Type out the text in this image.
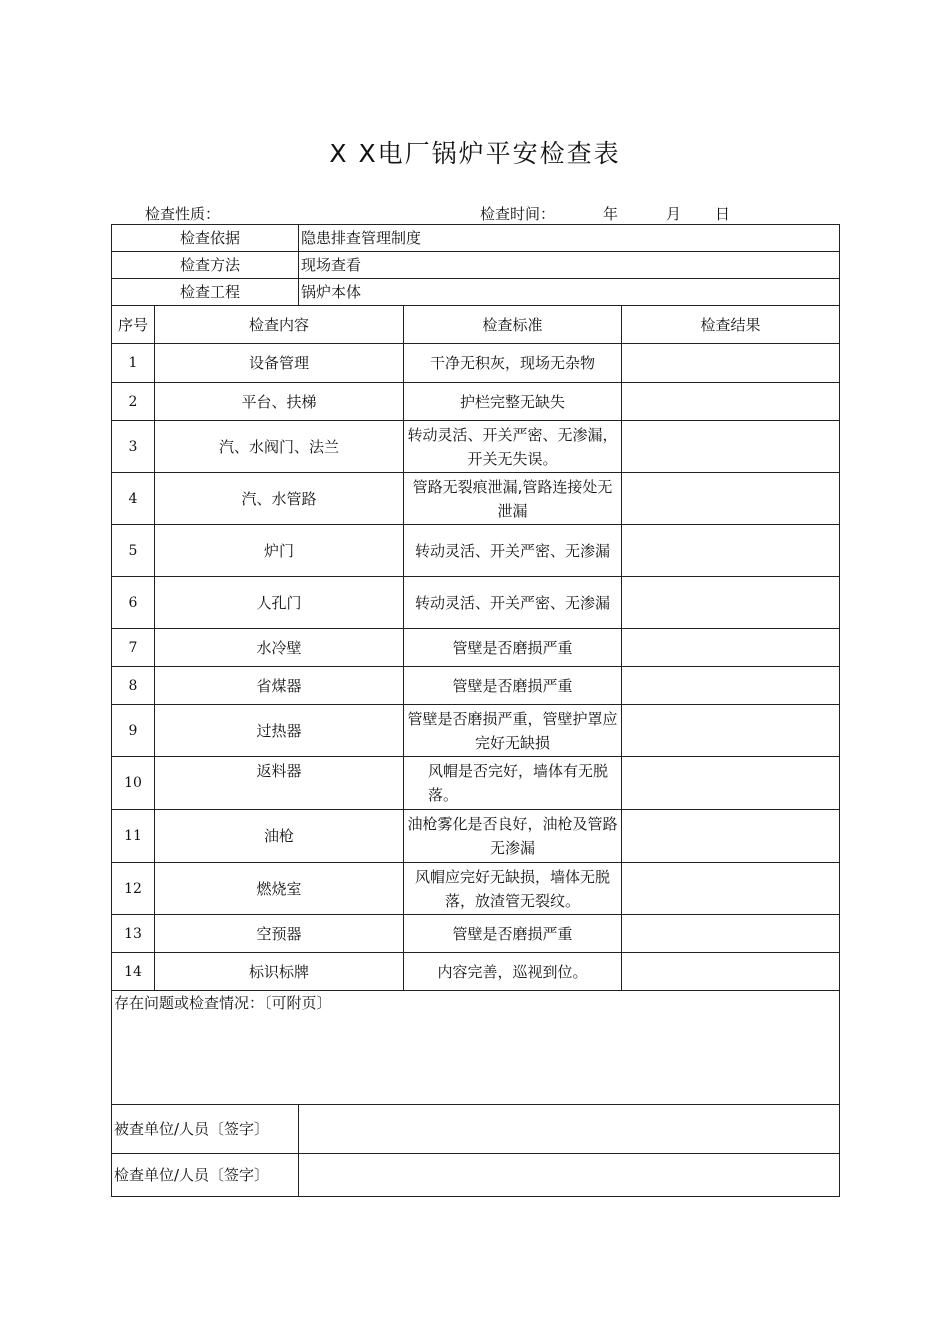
X X电厂锅炉平安检查表
检查性质：	检查时间：	年	月 日
检查依据		隐患排查管理制度		
检查方法		现场查看		
检查工程		锅炉本体		
序号	检查内容		检查标准	检查结果
1	设备管理		干净无积灰，现场无杂物	
2	平台、扶梯		护栏完整无缺失	
3	汽、水阀门、法兰		转动灵活、开关严密、无渗漏，开关无失误。	
4	汽、水管路		管路无裂痕泄漏,管路连接处无泄漏	
5	炉门		转动灵活、开关严密、无渗漏	
6	人孔门		转动灵活、开关严密、无渗漏	
7	水冷壁		管壁是否磨损严重	
8	省煤器		管壁是否磨损严重	
9	过热器		管壁是否磨损严重，管壁护罩应完好无缺损	
10	返料器		风帽是否完好，墙体有无脱落。	
11	油枪		油枪雾化是否良好，油枪及管路无渗漏	
12	燃烧室		风帽应完好无缺损，墙体无脱落，放渣管无裂纹。	
13	空预器		管壁是否磨损严重	
14	标识标牌		内容完善，巡视到位。	
存在问题或检查情况：〔可附页〕				
被查单位/人员〔签字〕				
检查单位/人员〔签字〕				
